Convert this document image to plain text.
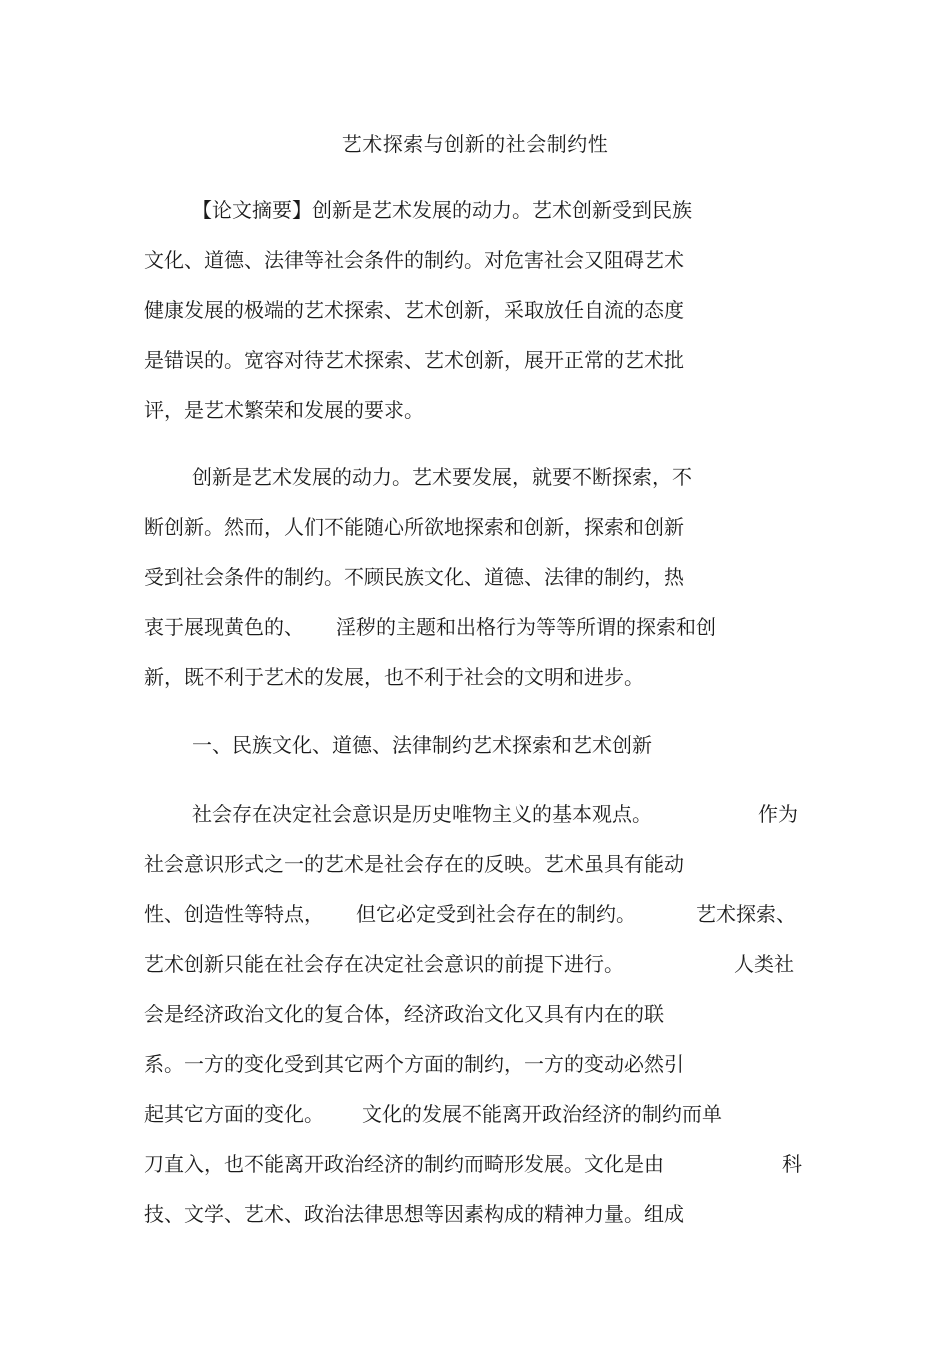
艺术探索与创新的社会制约性
【论文摘要】创新是艺术发展的动力。艺术创新受到民族
文化、道德、法律等社会条件的制约。对危害社会又阻碍艺术
健康发展的极端的艺术探索、艺术创新，采取放任自流的态度
是错误的。宽容对待艺术探索、艺术创新，展开正常的艺术批
评，是艺术繁荣和发展的要求。
创新是艺术发展的动力。艺术要发展，就要不断探索，不
断创新。然而，人们不能随心所欲地探索和创新，探索和创新
受到社会条件的制约。不顾民族文化、道德、法律的制约，热
衷于展现黄色的、 淫秽的主题和出格行为等等所谓的探索和创
新，既不利于艺术的发展，也不利于社会的文明和进步。
一、民族文化、道德、法律制约艺术探索和艺术创新
社会存在决定社会意识是历史唯物主义的基本观点。	作为
社会意识形式之一的艺术是社会存在的反映。艺术虽具有能动
性、创造性等特点， 但它必定受到社会存在的制约。	艺术探索、
艺术创新只能在社会存在决定社会意识的前提下进行。	人类社
会是经济政治文化的复合体，经济政治文化又具有内在的联
系。一方的变化受到其它两个方面的制约，一方的变动必然引
起其它方面的变化。 文化的发展不能离开政治经济的制约而单
刀直入，也不能离开政治经济的制约而畸形发展。文化是由	科
技、文学、艺术、政治法律思想等因素构成的精神力量。组成
